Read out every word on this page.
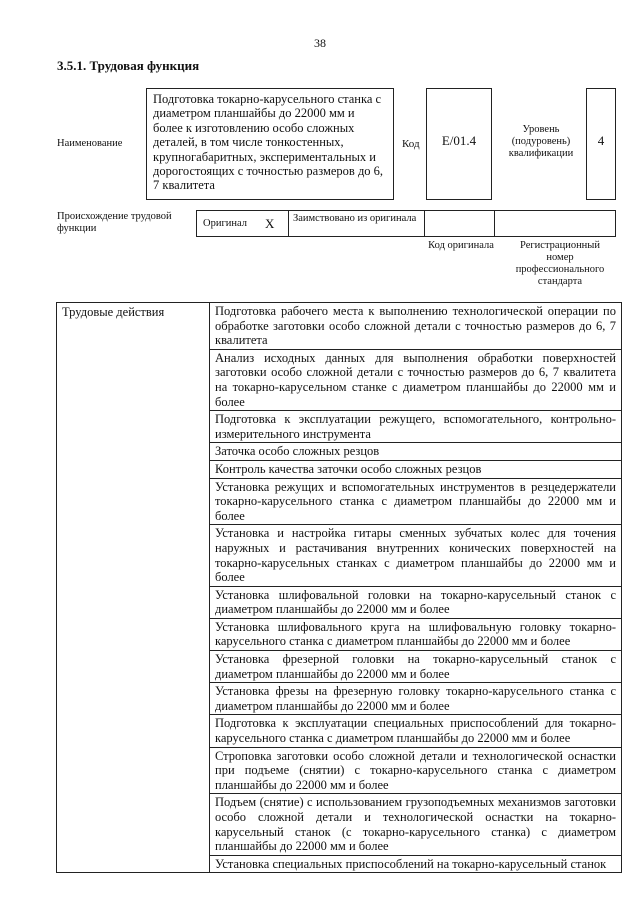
38
3.5.1. Трудовая функция
Наименование
Подготовка токарно-карусельного станка с диаметром планшайбы до 22000 мм и более к изготовлению особо сложных деталей, в том числе тонкостенных, крупногабаритных, экспериментальных и дорогостоящих с точностью размеров до 6, 7 квалитета
Код	E/01.4
Уровень (подуровень) квалификации
4
Происхождение трудовой функции	Оригинал X	Заимствовано из оригинала
Код оригинала	Регистрационный номер профессионального стандарта
Трудовые действия	Подготовка рабочего места к выполнению технологической операции по обработке заготовки особо сложной детали с точностью размеров до 6, 7 квалитета
Анализ исходных данных для выполнения обработки поверхностей заготовки особо сложной детали с точностью размеров до 6, 7 квалитета на токарно-карусельном станке с диаметром планшайбы до 22000 мм и более
Подготовка к эксплуатации режущего, вспомогательного, контрольно-измерительного инструмента
Заточка особо сложных резцов
Контроль качества заточки особо сложных резцов
Установка режущих и вспомогательных инструментов в резцедержатели токарно-карусельного станка с диаметром планшайбы до 22000 мм и более
Установка и настройка гитары сменных зубчатых колес для точения наружных и растачивания внутренних конических поверхностей на токарно-карусельных станках с диаметром планшайбы до 22000 мм и более
Установка шлифовальной головки на токарно-карусельный станок с диаметром планшайбы до 22000 мм и более
Установка шлифовального круга на шлифовальную головку токарно-карусельного станка с диаметром планшайбы до 22000 мм и более
Установка фрезерной головки на токарно-карусельный станок с диаметром планшайбы до 22000 мм и более
Установка фрезы на фрезерную головку токарно-карусельного станка с диаметром планшайбы до 22000 мм и более
Подготовка к эксплуатации специальных приспособлений для токарно-карусельного станка с диаметром планшайбы до 22000 мм и более
Строповка заготовки особо сложной детали и технологической оснастки при подъеме (снятии) с токарно-карусельного станка с диаметром планшайбы до 22000 мм и более
Подъем (снятие) с использованием грузоподъемных механизмов заготовки особо сложной детали и технологической оснастки на токарно-карусельный станок (с токарно-карусельного станка) с диаметром планшайбы до 22000 мм и более
Установка специальных приспособлений на токарно-карусельный станок
